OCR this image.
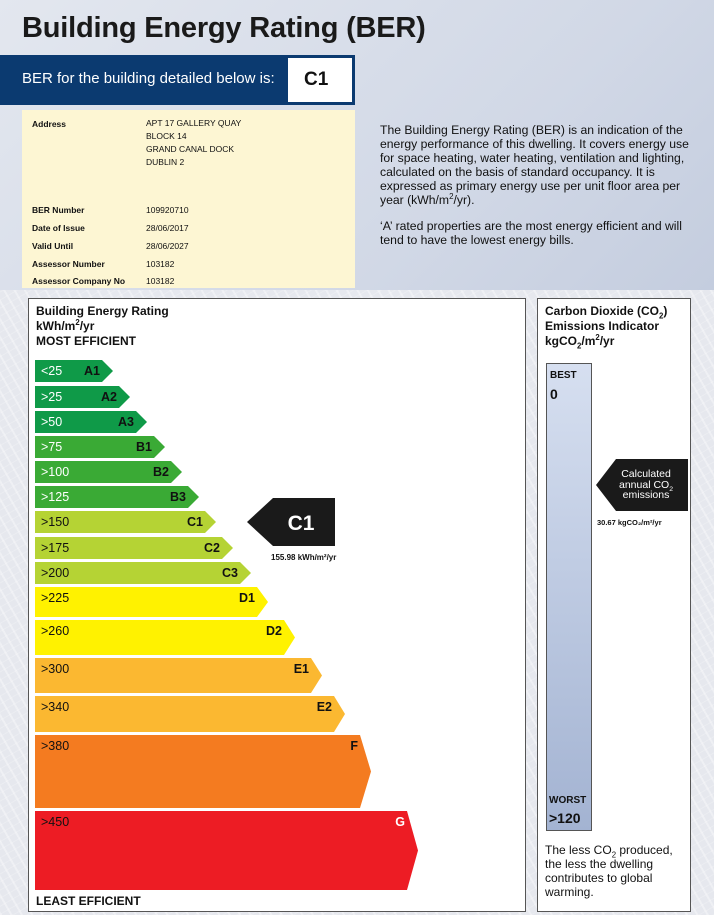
Building Energy Rating (BER)
BER for the building detailed below is: C1
Address	APT 17 GALLERY QUAY
BLOCK 14
GRAND CANAL DOCK
DUBLIN 2
BER Number	109920710
Date of Issue	28/06/2017
Valid Until	28/06/2027
Assessor Number	103182
Assessor Company No 103182

The Building Energy Rating (BER) is an indication of the energy performance of this dwelling. It covers energy use for space heating, water heating, ventilation and lighting, calculated on the basis of standard occupancy. It is expressed as primary energy use per unit floor area per year $(kWh/m^2/yr)$.

‘A’ rated properties are the most energy efficient and will tend to have the lowest energy bills.

Building Energy Rating
kWh/$m^2/yr$
MOST EFFICIENT
<25 A1
>25	A2
>50	A3
>75	B1
>100	B2
>125	B3
>150	C1
>175	C2
>200	C3
>225	D1
>260	D2
>300	E1
>340	E2
>380	F
>450	G
C1
155.98 kWh/m²/yr
LEAST EFFICIENT
Carbon Dioxide $(CO_2)$
Emissions Indicator
$kgCO_2/m^2/yr$
BEST
0
WORST
>120
Calculated
annual $CO_2$
emissions
30.67 kgCO₂/m²/yr
The less $CO_2$ produced, the less the dwelling contributes to global warming.
